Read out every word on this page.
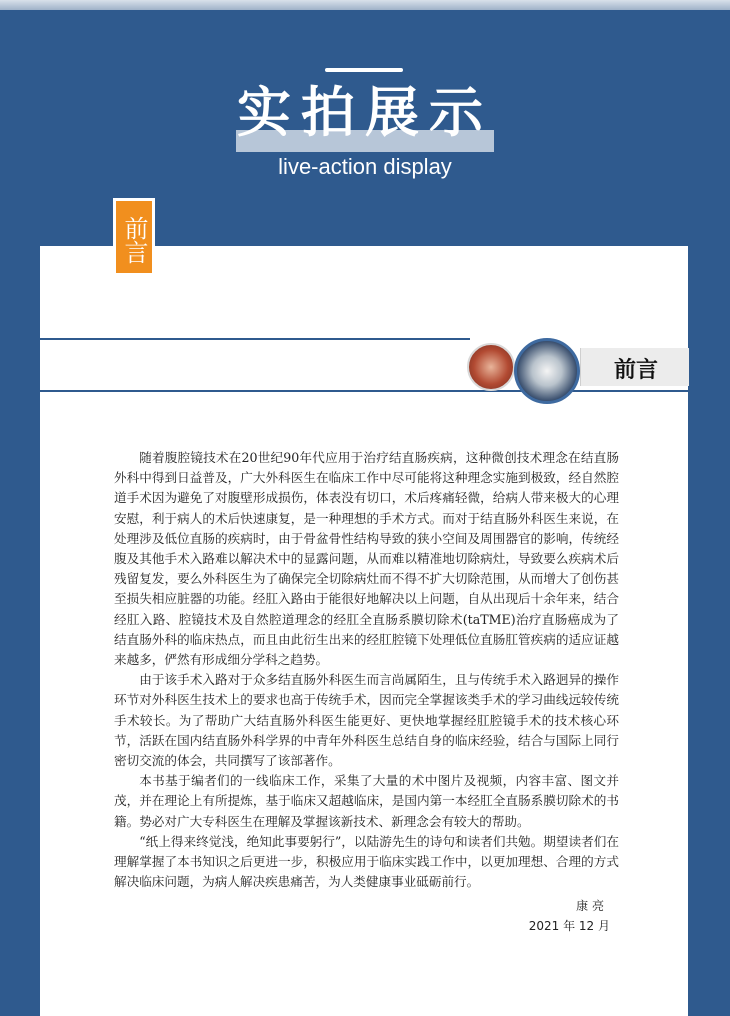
实拍展示
live-action display
前言
前言

随着腹腔镜技术在20世纪90年代应用于治疗结直肠疾病，这种微创技术理念在结直肠外科中得到日益普及，广大外科医生在临床工作中尽可能将这种理念实施到极致，经自然腔道手术因为避免了对腹壁形成损伤，体表没有切口，术后疼痛轻微，给病人带来极大的心理安慰，利于病人的术后快速康复，是一种理想的手术方式。而对于结直肠外科医生来说，在处理涉及低位直肠的疾病时，由于骨盆骨性结构导致的狭小空间及周围器官的影响，传统经腹及其他手术入路难以解决术中的显露问题，从而难以精准地切除病灶，导致要么疾病术后残留复发，要么外科医生为了确保完全切除病灶而不得不扩大切除范围，从而增大了创伤甚至损失相应脏器的功能。经肛入路由于能很好地解决以上问题，自从出现后十余年来，结合经肛入路、腔镜技术及自然腔道理念的经肛全直肠系膜切除术(taTME)治疗直肠癌成为了结直肠外科的临床热点，而且由此衍生出来的经肛腔镜下处理低位直肠肛管疾病的适应证越来越多，俨然有形成细分学科之趋势。

由于该手术入路对于众多结直肠外科医生而言尚属陌生，且与传统手术入路迥异的操作环节对外科医生技术上的要求也高于传统手术，因而完全掌握该类手术的学习曲线远较传统手术较长。为了帮助广大结直肠外科医生能更好、更快地掌握经肛腔镜手术的技术核心环节，活跃在国内结直肠外科学界的中青年外科医生总结自身的临床经验，结合与国际上同行密切交流的体会，共同撰写了该部著作。

本书基于编者们的一线临床工作，采集了大量的术中图片及视频，内容丰富、图文并茂，并在理论上有所提炼，基于临床又超越临床，是国内第一本经肛全直肠系膜切除术的书籍。势必对广大专科医生在理解及掌握该新技术、新理念会有较大的帮助。

“纸上得来终觉浅，绝知此事要躬行”，以陆游先生的诗句和读者们共勉。期望读者们在理解掌握了本书知识之后更进一步，积极应用于临床实践工作中，以更加理想、合理的方式解决临床问题，为病人解决疾患痛苦，为人类健康事业砥砺前行。

康 亮
2021 年 12 月
